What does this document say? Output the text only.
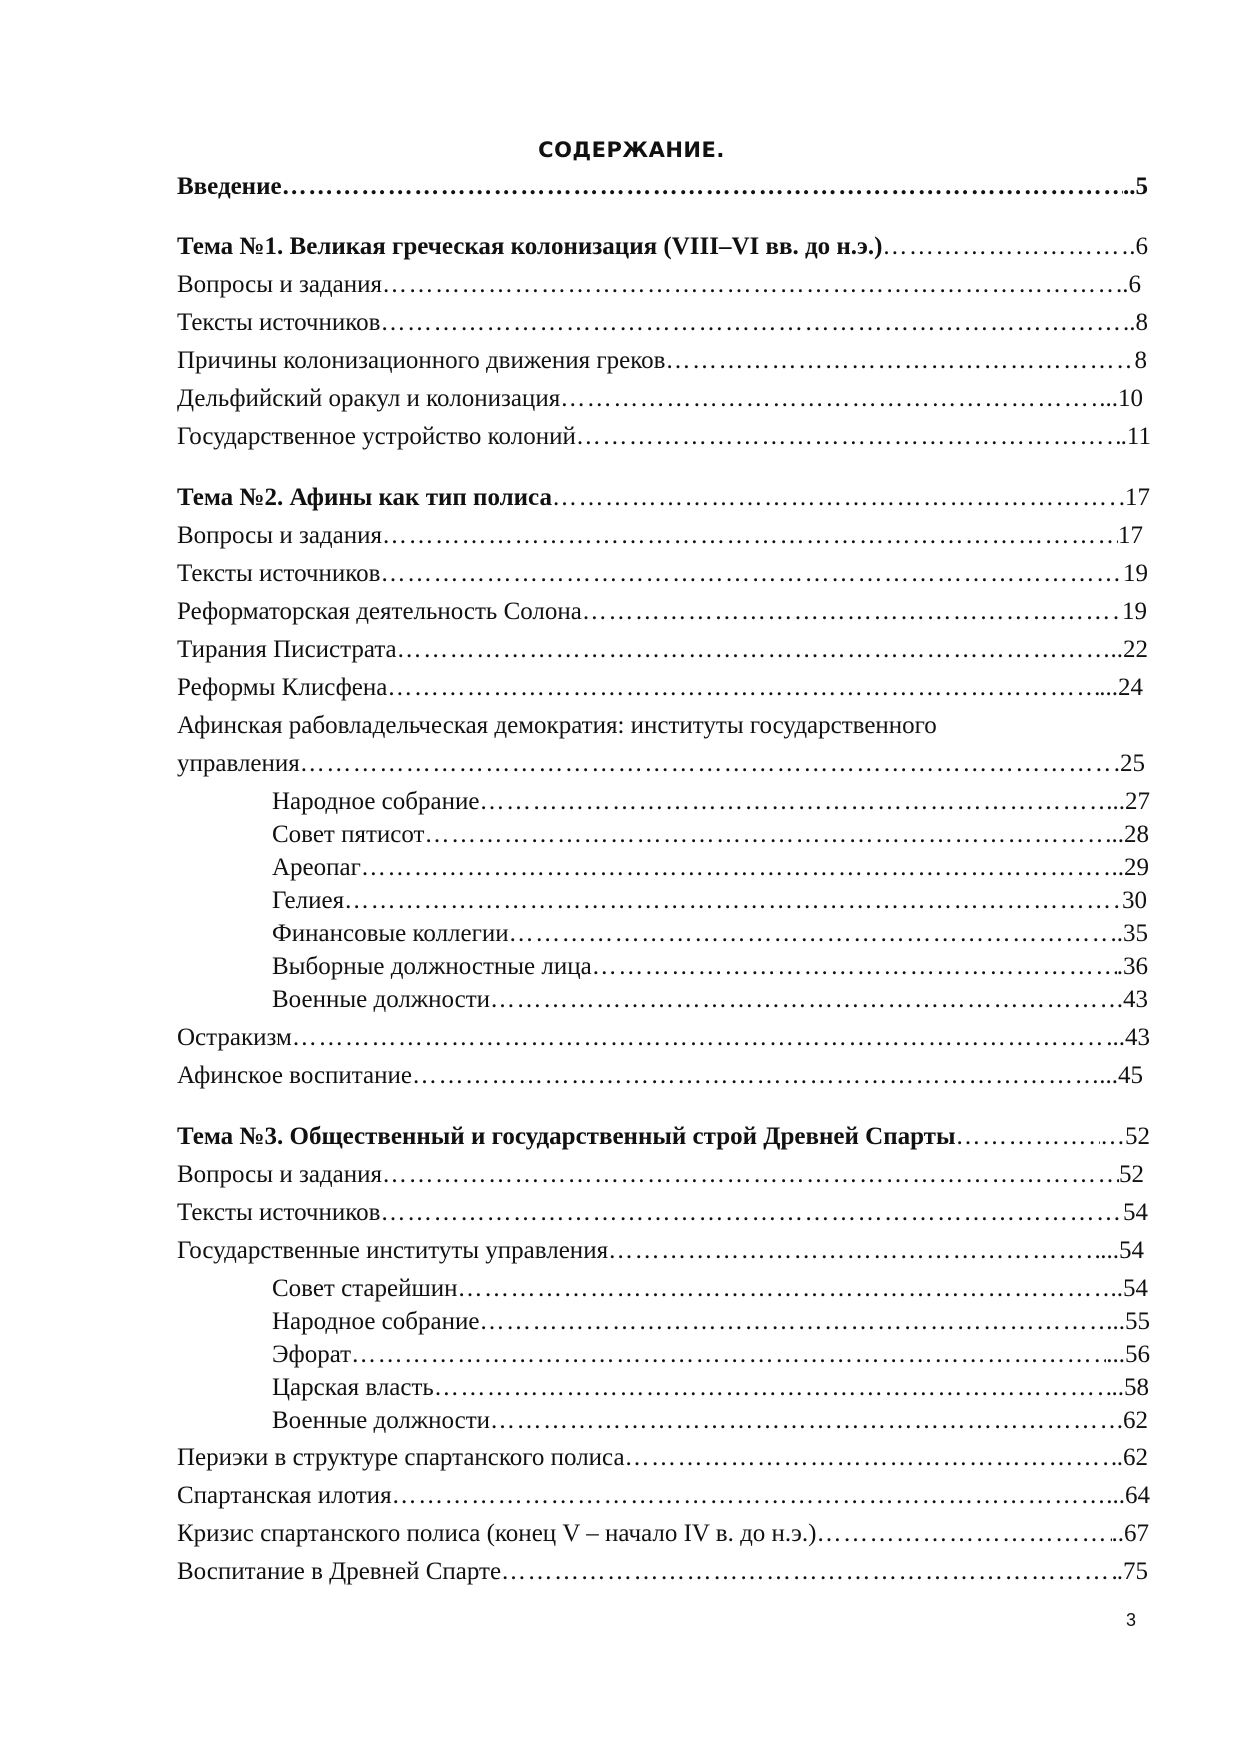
СОДЕРЖАНИЕ.
Введение ……………………………………………………………………………………………………………………………………………………………………………………………	..5
Тема №1. Великая греческая колонизация (VIII–VI вв. до н.э.) ……………………………………………………………………………………………………………………………………………………………………………………………	.6
Вопросы и задания ……………………………………………………………………………………………………………………………………………………………………………………………	..6
Тексты источников ……………………………………………………………………………………………………………………………………………………………………………………………	..8
Причины колонизационного движения греков ……………………………………………………………………………………………………………………………………………………………………………………………	8
Дельфийский оракул и колонизация ……………………………………………………………………………………………………………………………………………………………………………………………	...10
Государственное устройство колоний ……………………………………………………………………………………………………………………………………………………………………………………………	.11
Тема №2. Афины как тип полиса ……………………………………………………………………………………………………………………………………………………………………………………………	.17
Вопросы и задания ……………………………………………………………………………………………………………………………………………………………………………………………	17
Тексты источников ……………………………………………………………………………………………………………………………………………………………………………………………	19
Реформаторская деятельность Солона ……………………………………………………………………………………………………………………………………………………………………………………………	19
Тирания Писистрата ……………………………………………………………………………………………………………………………………………………………………………………………	..22
Реформы Клисфена ……………………………………………………………………………………………………………………………………………………………………………………………	...24
Афинская рабовладельческая демократия: институты государственного
управления ……………………………………………………………………………………………………………………………………………………………………………………………	.25
Народное собрание ……………………………………………………………………………………………………………………………………………………………………………………………	...27
Совет пятисот ……………………………………………………………………………………………………………………………………………………………………………………………	...28
Ареопаг ……………………………………………………………………………………………………………………………………………………………………………………………	..29
Гелиея ……………………………………………………………………………………………………………………………………………………………………………………………	30
Финансовые коллегии ……………………………………………………………………………………………………………………………………………………………………………………………	..35
Выборные должностные лица ……………………………………………………………………………………………………………………………………………………………………………………………	.36
Военные должности ……………………………………………………………………………………………………………………………………………………………………………………………	.43
Остракизм ……………………………………………………………………………………………………………………………………………………………………………………………	...43
Афинское воспитание ……………………………………………………………………………………………………………………………………………………………………………………………	...45
Тема №3. Общественный и государственный строй Древней Спарты ……………………………………………………………………………………………………………………………………………………………………………………………	…52
Вопросы и задания ……………………………………………………………………………………………………………………………………………………………………………………………	52
Тексты источников ……………………………………………………………………………………………………………………………………………………………………………………………	54
Государственные институты управления ……………………………………………………………………………………………………………………………………………………………………………………………	...54
Совет старейшин ……………………………………………………………………………………………………………………………………………………………………………………………	..54
Народное собрание ……………………………………………………………………………………………………………………………………………………………………………………………	...55
Эфорат ……………………………………………………………………………………………………………………………………………………………………………………………	...56
Царская власть ……………………………………………………………………………………………………………………………………………………………………………………………	..58
Военные должности ……………………………………………………………………………………………………………………………………………………………………………………………	.62
Периэки в структуре спартанского полиса ……………………………………………………………………………………………………………………………………………………………………………………………	.62
Спартанская илотия ……………………………………………………………………………………………………………………………………………………………………………………………	...64
Кризис спартанского полиса (конец V – начало IV в. до н.э.) ……………………………………………………………………………………………………………………………………………………………………………………………	..67
Воспитание в Древней Спарте ……………………………………………………………………………………………………………………………………………………………………………………………	.75
3
